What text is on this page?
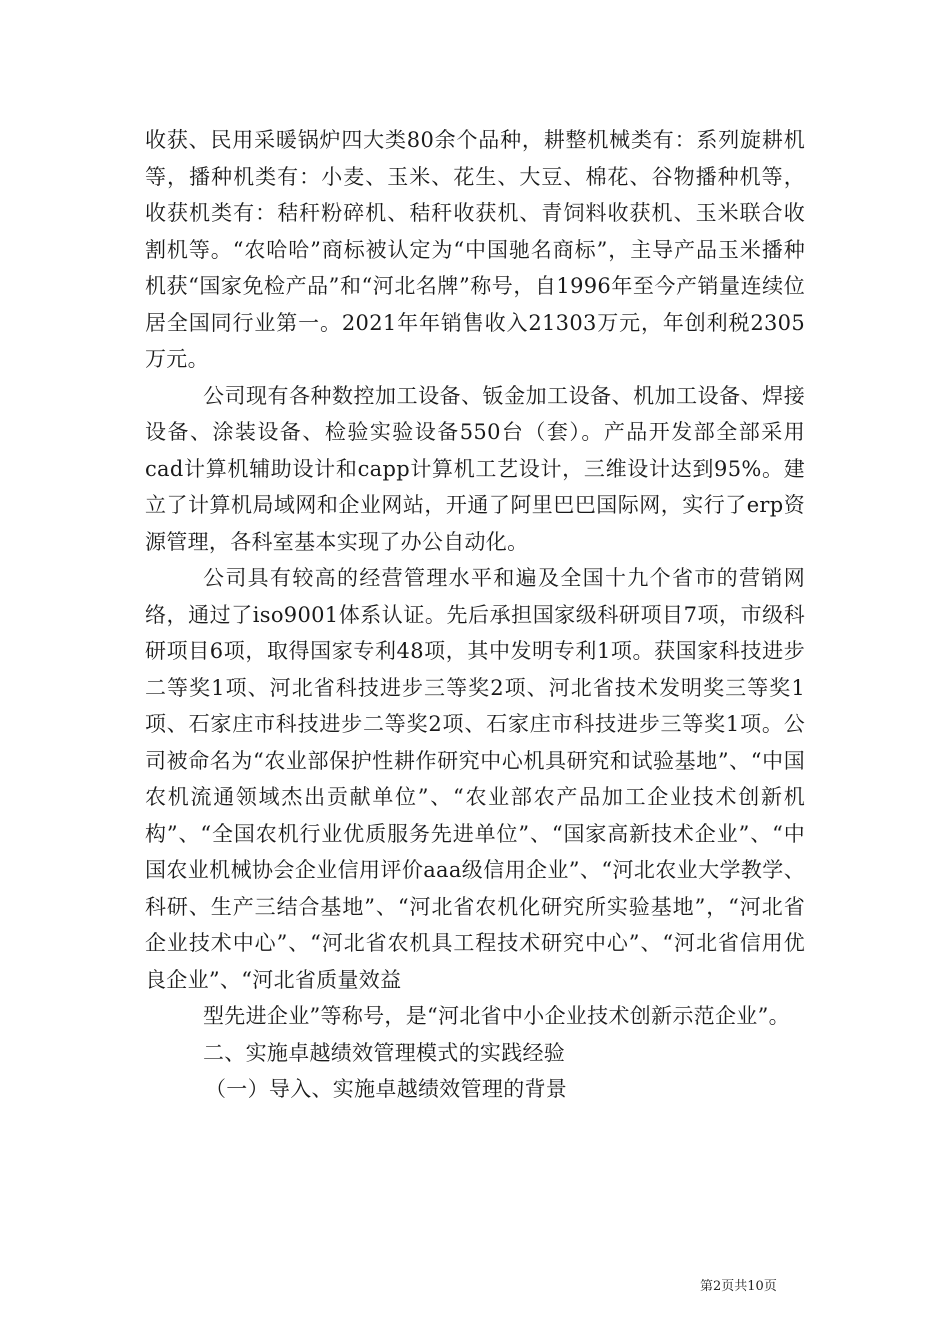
收获、民用采暖锅炉四大类80余个品种，耕整机械类有：系列旋耕机等，播种机类有：小麦、玉米、花生、大豆、棉花、谷物播种机等，收获机类有：秸秆粉碎机、秸秆收获机、青饲料收获机、玉米联合收割机等。“农哈哈”商标被认定为“中国驰名商标”，主导产品玉米播种机获“国家免检产品”和“河北名牌”称号，自1996年至今产销量连续位居全国同行业第一。2021年年销售收入21303万元，年创利税2305万元。

公司现有各种数控加工设备、钣金加工设备、机加工设备、焊接设备、涂装设备、检验实验设备550台（套）。产品开发部全部采用cad计算机辅助设计和capp计算机工艺设计，三维设计达到95%。建立了计算机局域网和企业网站，开通了阿里巴巴国际网，实行了erp资源管理，各科室基本实现了办公自动化。

公司具有较高的经营管理水平和遍及全国十九个省市的营销网络，通过了iso9001体系认证。先后承担国家级科研项目7项，市级科研项目6项，取得国家专利48项，其中发明专利1项。获国家科技进步二等奖1项、河北省科技进步三等奖2项、河北省技术发明奖三等奖1项、石家庄市科技进步二等奖2项、石家庄市科技进步三等奖1项。公司被命名为“农业部保护性耕作研究中心机具研究和试验基地”、“中国农机流通领域杰出贡献单位”、“农业部农产品加工企业技术创新机构”、“全国农机行业优质服务先进单位”、“国家高新技术企业”、“中国农业机械协会企业信用评价aaa级信用企业”、“河北农业大学教学、科研、生产三结合基地”、“河北省农机化研究所实验基地”，“河北省企业技术中心”、“河北省农机具工程技术研究中心”、“河北省信用优良企业”、“河北省质量效益

型先进企业”等称号，是“河北省中小企业技术创新示范企业”。

二、实施卓越绩效管理模式的实践经验

（一）导入、实施卓越绩效管理的背景

第2页共10页
